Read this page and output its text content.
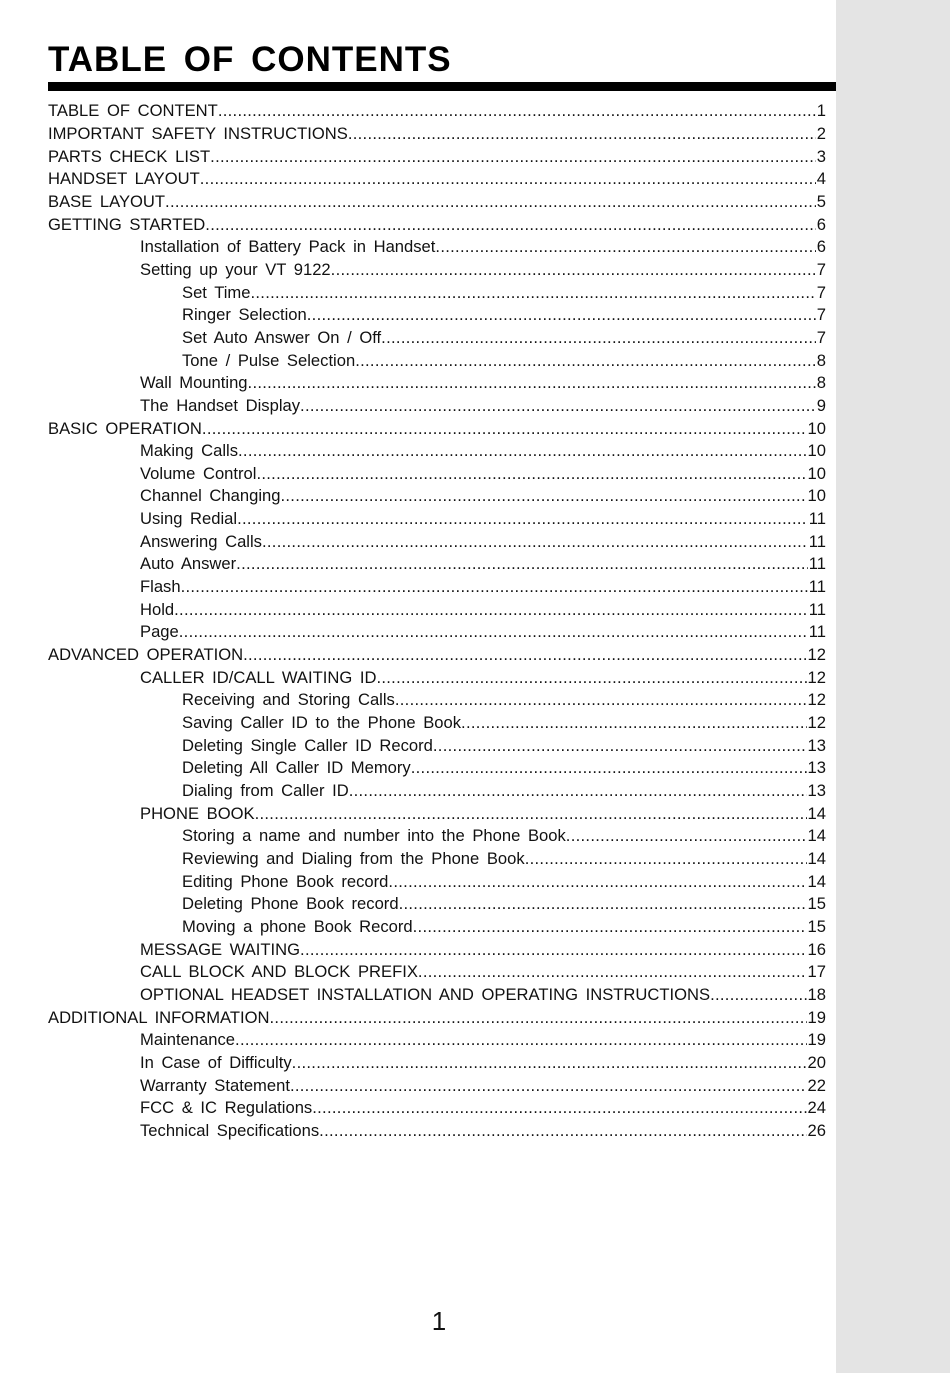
TABLE OF CONTENTS
TABLE OF CONTENT .....	1
IMPORTANT SAFETY INSTRUCTIONS .....	2
PARTS CHECK LIST .....	3
HANDSET LAYOUT .....	4
BASE LAYOUT .....	5
GETTING STARTED .....	6
Installation of Battery Pack in Handset .....	6
Setting up your VT 9122 .....	7
Set Time .....	7
Ringer Selection .....	7
Set Auto Answer On / Off .....	7
Tone / Pulse Selection .....	8
Wall Mounting .....	8
The Handset Display .....	9
BASIC OPERATION .....	10
Making Calls .....	10
Volume Control .....	10
Channel Changing .....	10
Using Redial .....	11
Answering Calls .....	11
Auto Answer .....	11
Flash .....	11
Hold .....	11
Page .....	11
ADVANCED OPERATION .....	12
CALLER ID/CALL WAITING ID .....	12
Receiving and Storing Calls .....	12
Saving Caller ID to the Phone Book .....	12
Deleting Single Caller ID Record .....	13
Deleting All Caller ID Memory .....	13
Dialing from Caller ID .....	13
PHONE BOOK .....	14
Storing a name and number into the Phone Book .....	14
Reviewing and Dialing from the Phone Book .....	14
Editing Phone Book record .....	14
Deleting Phone Book record .....	15
Moving a phone Book Record .....	15
MESSAGE WAITING .....	16
CALL BLOCK AND BLOCK PREFIX .....	17
OPTIONAL HEADSET INSTALLATION AND OPERATING INSTRUCTIONS .....	18
ADDITIONAL INFORMATION .....	19
Maintenance .....	19
In Case of Difficulty .....	20
Warranty Statement .....	22
FCC & IC Regulations .....	24
Technical Specifications .....	26
1
